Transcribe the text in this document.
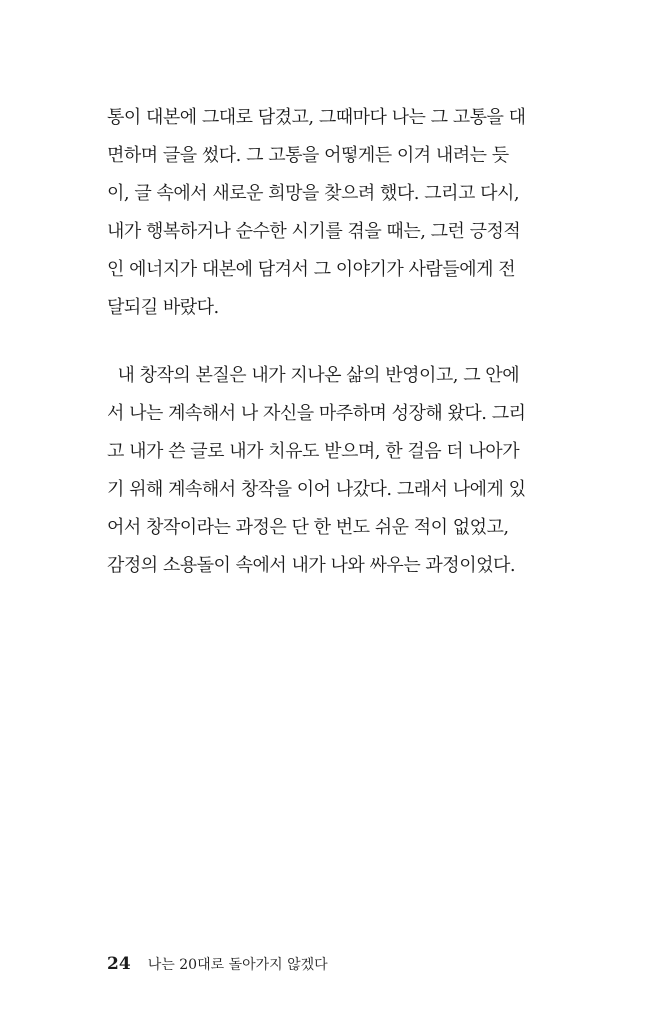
통이 대본에 그대로 담겼고, 그때마다 나는 그 고통을 대
면하며 글을 썼다. 그 고통을 어떻게든 이겨 내려는 듯
이, 글 속에서 새로운 희망을 찾으려 했다. 그리고 다시,
내가 행복하거나 순수한 시기를 겪을 때는, 그런 긍정적
인 에너지가 대본에 담겨서 그 이야기가 사람들에게 전
달되길 바랐다.
내 창작의 본질은 내가 지나온 삶의 반영이고, 그 안에
서 나는 계속해서 나 자신을 마주하며 성장해 왔다. 그리
고 내가 쓴 글로 내가 치유도 받으며, 한 걸음 더 나아가
기 위해 계속해서 창작을 이어 나갔다. 그래서 나에게 있
어서 창작이라는 과정은 단 한 번도 쉬운 적이 없었고,
감정의 소용돌이 속에서 내가 나와 싸우는 과정이었다.
24 나는 20대로 돌아가지 않겠다
